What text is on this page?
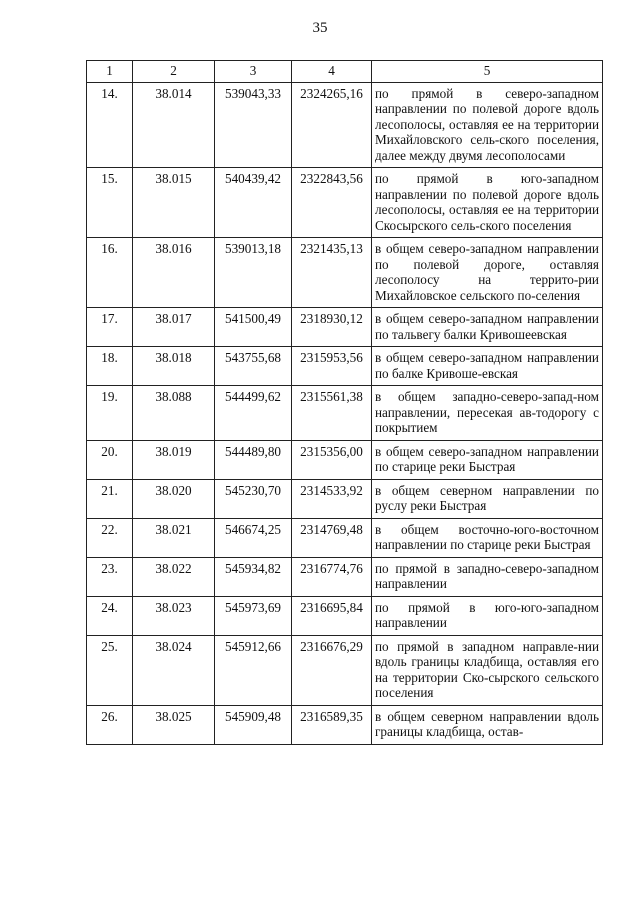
35
1	2	3	4	5
14.	38.014	539043,33	2324265,16	по прямой в северо-западном направлении по полевой дороге вдоль лесополосы, оставляя ее на территории Михайловского сель-ского поселения, далее между двумя лесополосами
15.	38.015	540439,42	2322843,56	по прямой в юго-западном направлении по полевой дороге вдоль лесополосы, оставляя ее на территории Скосырского сель-ского поселения
16.	38.016	539013,18	2321435,13	в общем северо-западном направлении по полевой дороге, оставляя лесополосу на террито-рии Михайловское сельского по-селения
17.	38.017	541500,49	2318930,12	в общем северо-западном направлении по тальвегу балки Кривошеевская
18.	38.018	543755,68	2315953,56	в общем северо-западном направлении по балке Кривоше-евская
19.	38.088	544499,62	2315561,38	в общем западно-северо-запад-ном направлении, пересекая ав-тодорогу с покрытием
20.	38.019	544489,80	2315356,00	в общем северо-западном направлении по старице реки Быстрая
21.	38.020	545230,70	2314533,92	в общем северном направлении по руслу реки Быстрая
22.	38.021	546674,25	2314769,48	в общем восточно-юго-восточном направлении по старице реки Быстрая
23.	38.022	545934,82	2316774,76	по прямой в западно-северо-западном направлении
24.	38.023	545973,69	2316695,84	по прямой в юго-юго-западном направлении
25.	38.024	545912,66	2316676,29	по прямой в западном направле-нии вдоль границы кладбища, оставляя его на территории Ско-сырского сельского поселения
26.	38.025	545909,48	2316589,35	в общем северном направлении вдоль границы кладбища, остав-
